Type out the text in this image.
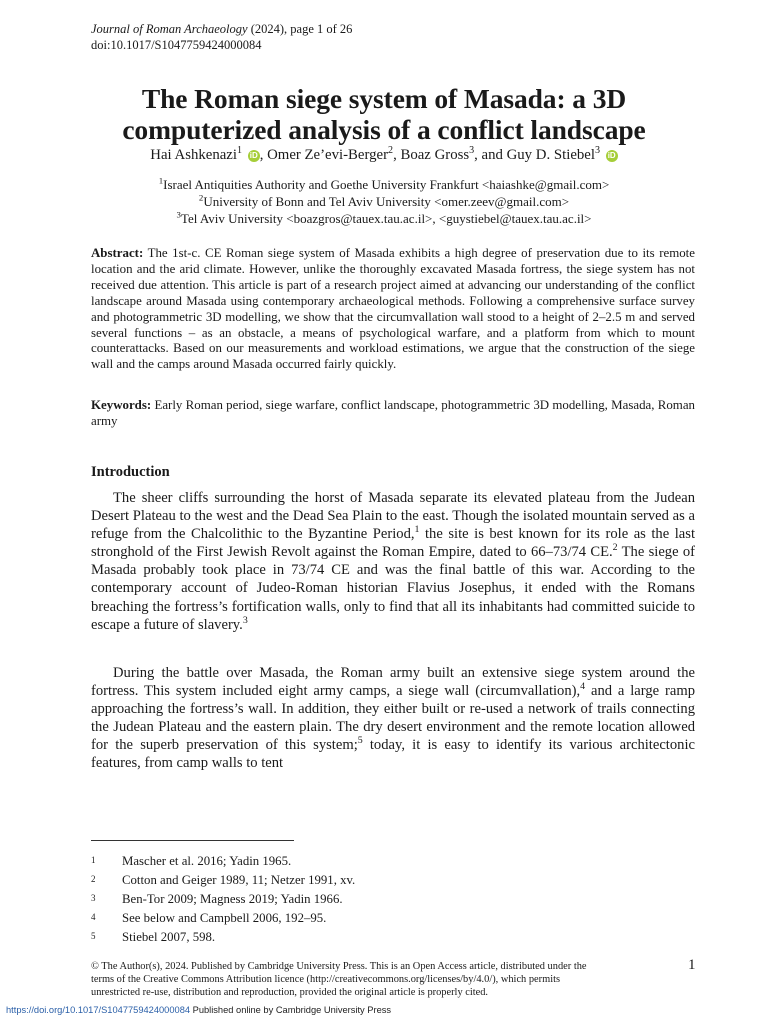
Journal of Roman Archaeology (2024), page 1 of 26
doi:10.1017/S1047759424000084
The Roman siege system of Masada: a 3D
computerized analysis of a conflict landscape
Hai Ashkenazi$^1$ iD , Omer Ze’evi-Berger$^2$, Boaz Gross$^3$, and Guy D. Stiebel$^3$ iD
$^1$Israel Antiquities Authority and Goethe University Frankfurt <haiashke@gmail.com>
$^2$University of Bonn and Tel Aviv University <omer.zeev@gmail.com>
$^3$Tel Aviv University <boazgros@tauex.tau.ac.il>, <guystiebel@tauex.tau.ac.il>
Abstract: The 1st-c. CE Roman siege system of Masada exhibits a high degree of preservation due to its remote location and the arid climate. However, unlike the thoroughly excavated Masada fortress, the siege system has not received due attention. This article is part of a research project aimed at advancing our understanding of the conflict landscape around Masada using contemporary archaeological methods. Following a comprehensive surface survey and photogrammetric 3D modelling, we show that the circumvallation wall stood to a height of 2–2.5 m and served several functions – as an obstacle, a means of psychological warfare, and a platform from which to mount counterattacks. Based on our measurements and workload estimations, we argue that the construction of the siege wall and the camps around Masada occurred fairly quickly.
Keywords: Early Roman period, siege warfare, conflict landscape, photogrammetric 3D modelling, Masada, Roman army
Introduction
The sheer cliffs surrounding the horst of Masada separate its elevated plateau from the Judean Desert Plateau to the west and the Dead Sea Plain to the east. Though the isolated mountain served as a refuge from the Chalcolithic to the Byzantine Period,$^1$ the site is best known for its role as the last stronghold of the First Jewish Revolt against the Roman Empire, dated to 66–73/74 CE.$^2$ The siege of Masada probably took place in 73/74 CE and was the final battle of this war. According to the contemporary account of Judeo-Roman historian Flavius Josephus, it ended with the Romans breaching the fortress’s fortification walls, only to find that all its inhabitants had committed suicide to escape a future of slavery.$^3$
During the battle over Masada, the Roman army built an extensive siege system around the fortress. This system included eight army camps, a siege wall (circumvallation),$^4$ and a large ramp approaching the fortress’s wall. In addition, they either built or re-used a network of trails connecting the Judean Plateau and the eastern plain. The dry desert environment and the remote location allowed for the superb preservation of this system;$^5$ today, it is easy to identify its various architectonic features, from camp walls to tent
1 Mascher et al. 2016; Yadin 1965.
2 Cotton and Geiger 1989, 11; Netzer 1991, xv.
3 Ben-Tor 2009; Magness 2019; Yadin 1966.
4 See below and Campbell 2006, 192–95.
5 Stiebel 2007, 598.
© The Author(s), 2024. Published by Cambridge University Press. This is an Open Access article, distributed under the
terms of the Creative Commons Attribution licence (http://creativecommons.org/licenses/by/4.0/), which permits
unrestricted re-use, distribution and reproduction, provided the original article is properly cited.
1
https://doi.org/10.1017/S1047759424000084 Published online by Cambridge University Press
